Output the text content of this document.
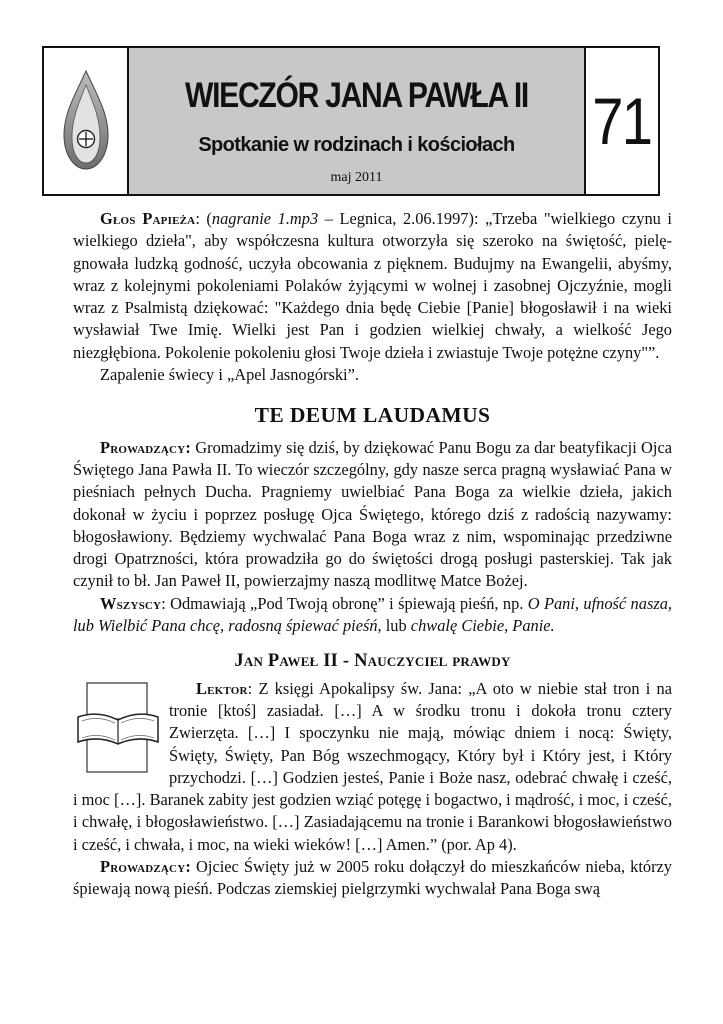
WIECZÓR JANA PAWŁA II
Spotkanie w rodzinach i kościołach
maj 2011
71

Głos Papieża: (nagranie 1.mp3 – Legnica, 2.06.1997): „Trzeba "wielkiego czynu i wielkiego dzieła", aby współczesna kultura otworzyła się szeroko na świętość, pielęgnowała ludzką godność, uczyła obcowania z pięknem. Budujmy na Ewangelii, abyśmy, wraz z kolejnymi pokoleniami Polaków żyjącymi w wolnej i zasobnej Ojczyźnie, mogli wraz z Psalmistą dziękować: "Każdego dnia będę Ciebie [Panie] błogosławił i na wieki wysławiał Twe Imię. Wielki jest Pan i godzien wielkiej chwały, a wielkość Jego niezgłębiona. Pokolenie pokoleniu głosi Twoje dzieła i zwiastuje Twoje potężne czyny"”.

Zapalenie świecy i „Apel Jasnogórski”.

TE DEUM LAUDAMUS

Prowadzący: Gromadzimy się dziś, by dziękować Panu Bogu za dar beatyfikacji Ojca Świętego Jana Pawła II. To wieczór szczególny, gdy nasze serca pragną wysławiać Pana w pieśniach pełnych Ducha. Pragniemy uwielbiać Pana Boga za wielkie dzieła, jakich dokonał w życiu i poprzez posługę Ojca Świętego, którego dziś z radością nazywamy: błogosławiony. Będziemy wychwalać Pana Boga wraz z nim, wspominając przedziwne drogi Opatrzności, która prowadziła go do świętości drogą posługi pasterskiej. Tak jak czynił to bł. Jan Paweł II, powierzajmy naszą modlitwę Matce Bożej.

Wszyscy: Odmawiają „Pod Twoją obronę” i śpiewają pieśń, np. O Pani, ufność nasza, lub Wielbić Pana chcę, radosną śpiewać pieśń, lub chwalę Ciebie, Panie.

Jan Paweł II - Nauczyciel prawdy

Lektor: Z księgi Apokalipsy św. Jana: „A oto w niebie stał tron i na tronie [ktoś] zasiadał. […] A w środku tronu i dokoła tronu cztery Zwierzęta. […] I spoczynku nie mają, mówiąc dniem i nocą: Święty, Święty, Święty, Pan Bóg wszechmogący, Który był i Który jest, i Który przychodzi. […] Godzien jesteś, Panie i Boże nasz, odebrać chwałę i cześć, i moc […]. Baranek zabity jest godzien wziąć potęgę i bogactwo, i mądrość, i moc, i cześć, i chwałę, i błogosławieństwo. […] Zasiadającemu na tronie i Barankowi błogosławieństwo i cześć, i chwała, i moc, na wieki wieków! […] Amen.” (por. Ap 4).

Prowadzący: Ojciec Święty już w 2005 roku dołączył do mieszkańców nieba, którzy śpiewają nową pieśń. Podczas ziemskiej pielgrzymki wychwalał Pana Boga swą
